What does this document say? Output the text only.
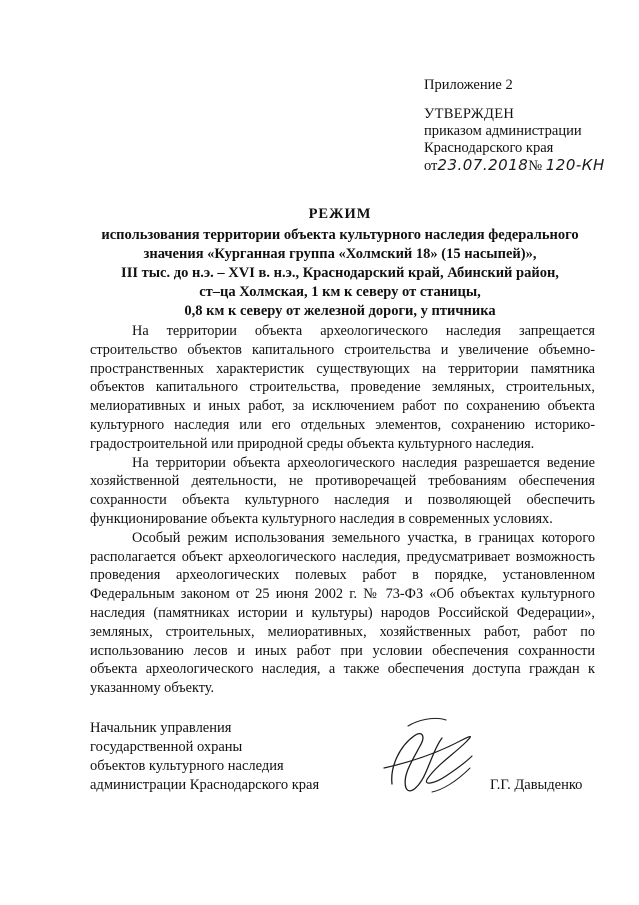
Приложение 2
УТВЕРЖДЕН
приказом администрации
Краснодарского края
от23.07.2018№ 120-КН
РЕЖИМ
использования территории объекта культурного наследия федерального
значения «Курганная группа «Холмский 18» (15 насыпей)»,
III тыс. до н.э. – XVI в. н.э., Краснодарский край, Абинский район,
ст–ца Холмская, 1 км к северу от станицы,
0,8 км к северу от железной дороги, у птичника

На территории объекта археологического наследия запрещается строительство объектов капитального строительства и увеличение объемно-пространственных характеристик существующих на территории памятника объектов капитального строительства, проведение земляных, строительных, мелиоративных и иных работ, за исключением работ по сохранению объекта культурного наследия или его отдельных элементов, сохранению историко-градостроительной или природной среды объекта культурного наследия.

На территории объекта археологического наследия разрешается ведение хозяйственной деятельности, не противоречащей требованиям обеспечения сохранности объекта культурного наследия и позволяющей обеспечить функционирование объекта культурного наследия в современных условиях.

Особый режим использования земельного участка, в границах которого располагается объект археологического наследия, предусматривает возможность проведения археологических полевых работ в порядке, установленном Федеральным законом от 25 июня 2002 г. № 73-ФЗ «Об объектах культурного наследия (памятниках истории и культуры) народов Российской Федерации», земляных, строительных, мелиоративных, хозяйственных работ, работ по использованию лесов и иных работ при условии обеспечения сохранности объекта археологического наследия, а также обеспечения доступа граждан к указанному объекту.

Начальник управления
государственной охраны
объектов культурного наследия
администрации Краснодарского края	Г.Г. Давыденко
